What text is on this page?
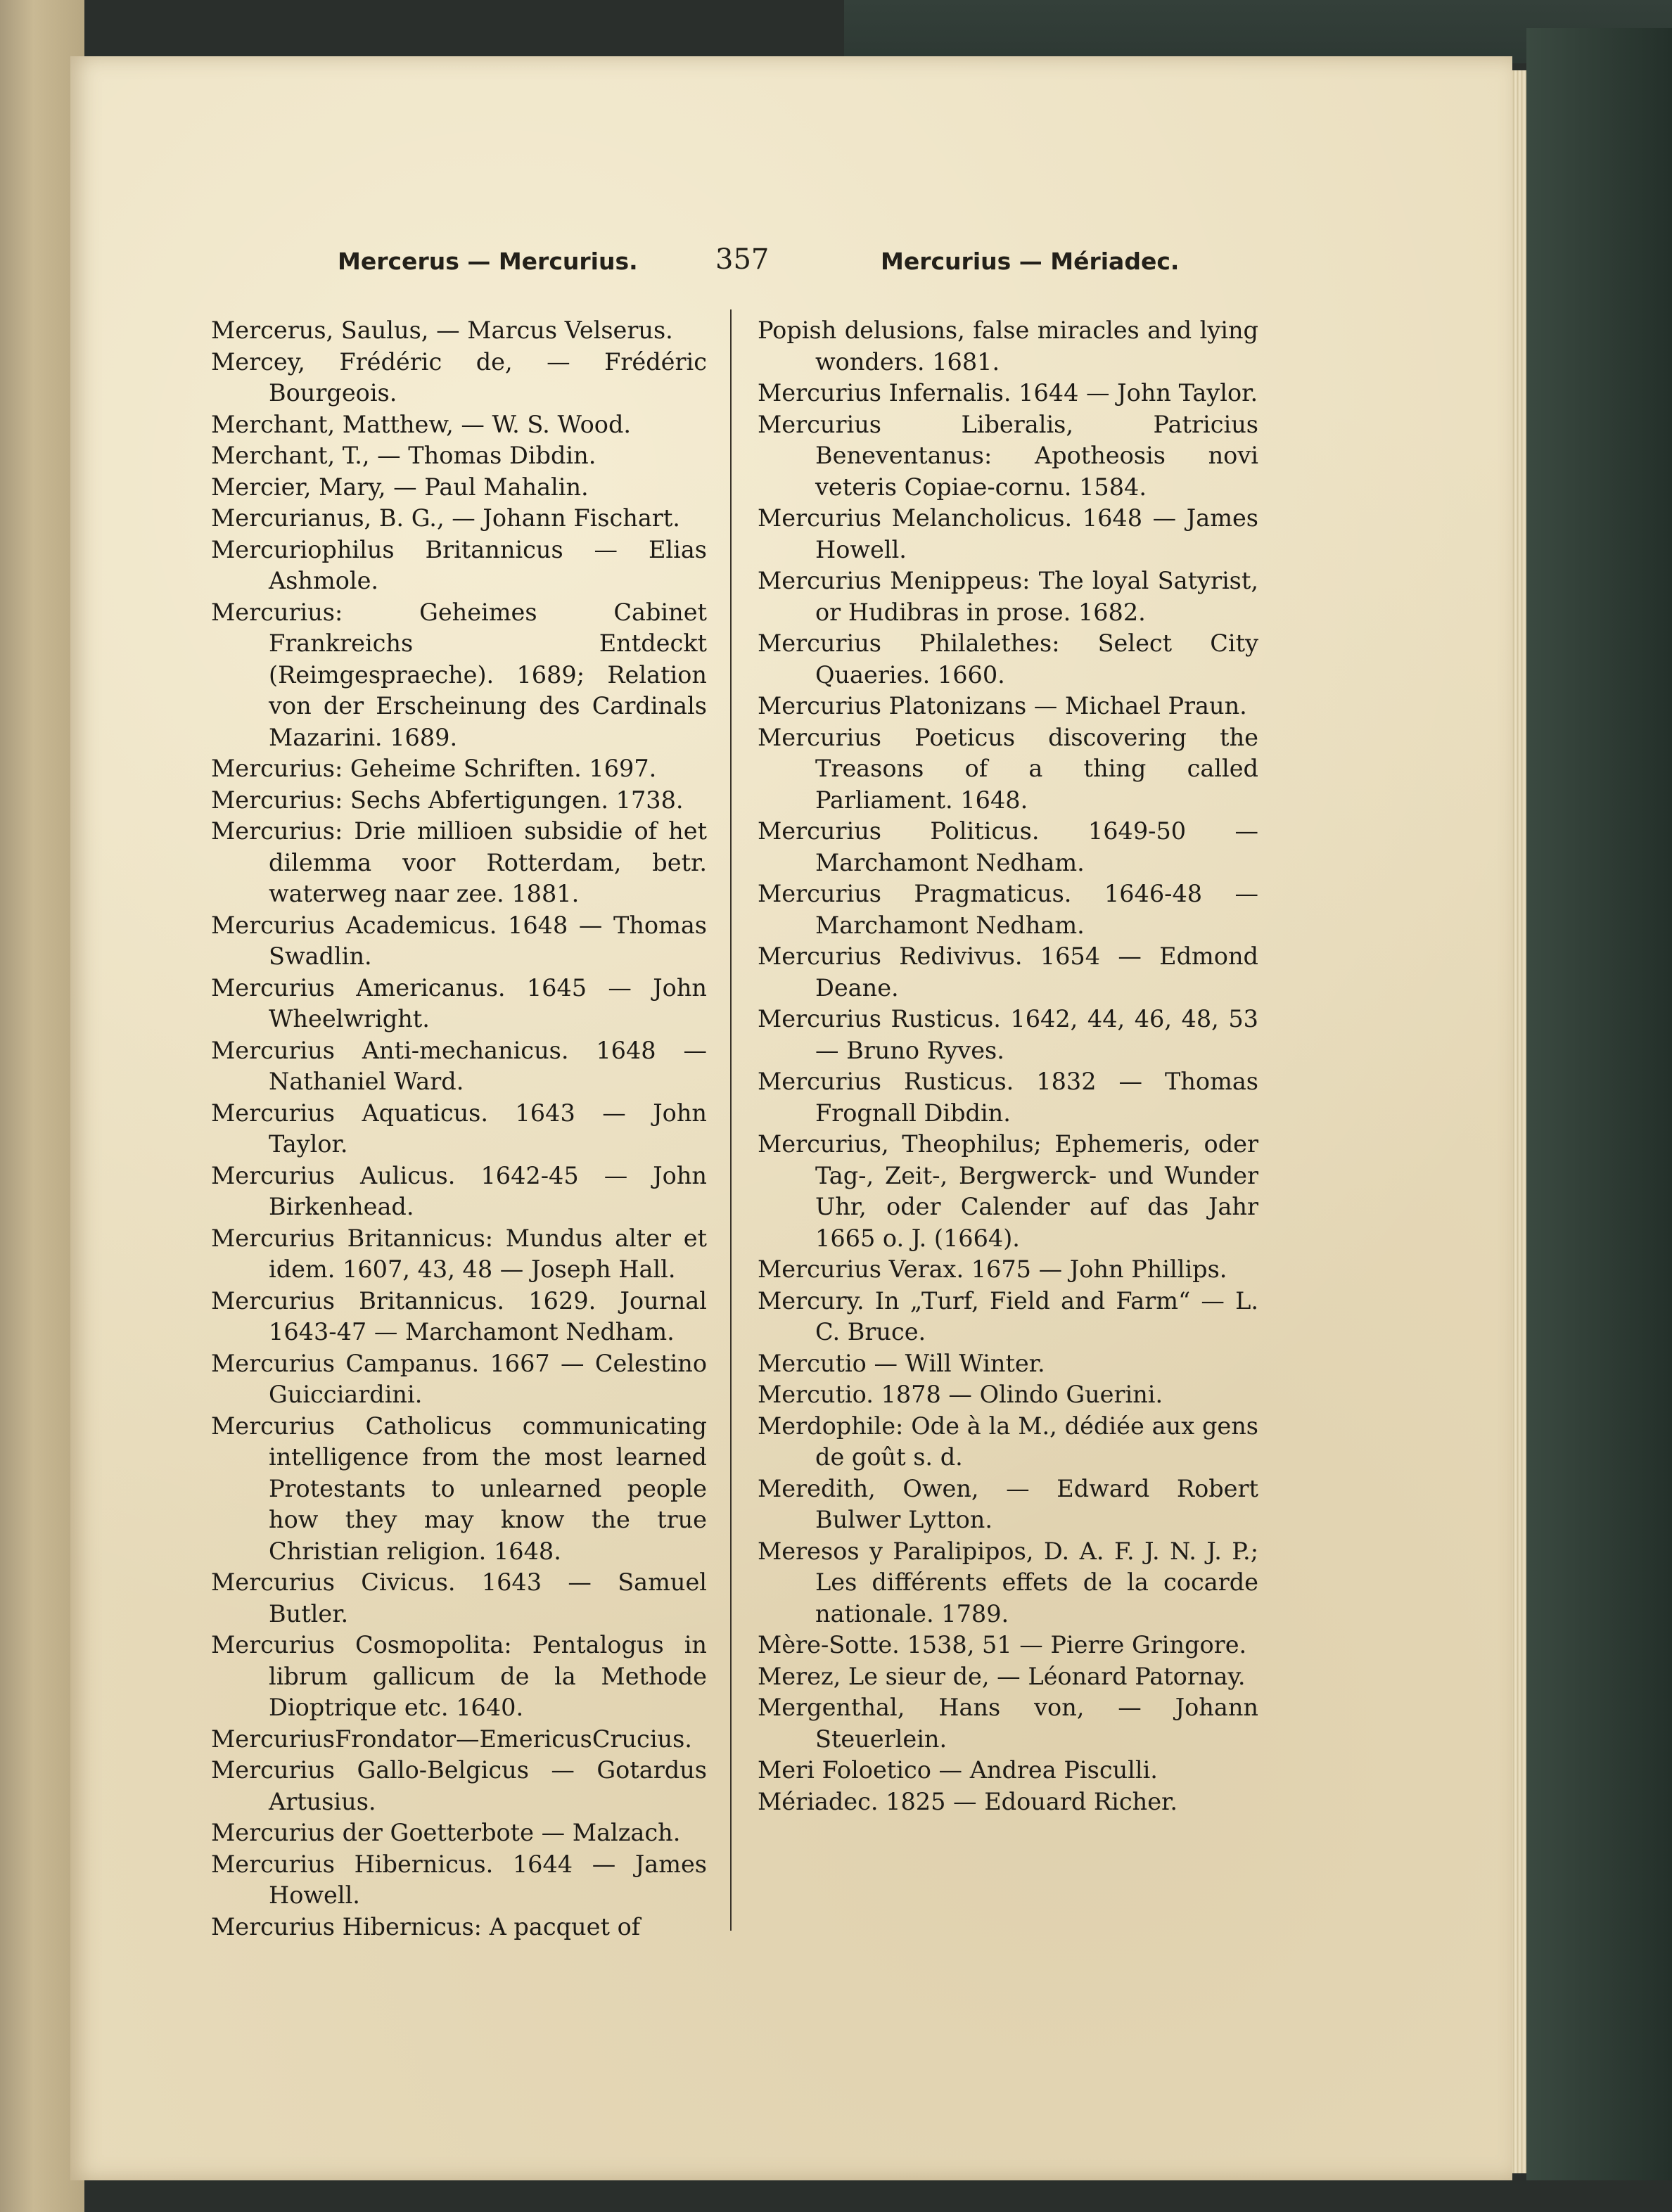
Mercerus — Mercurius.	357	Mercurius — Mériadec.

Mercerus, Saulus, — Marcus Velserus.

Mercey, Frédéric de, — Frédéric Bourgeois.

Merchant, Matthew, — W. S. Wood.

Merchant, T., — Thomas Dibdin.

Mercier, Mary, — Paul Mahalin.

Mercurianus, B. G., — Johann Fischart.

Mercuriophilus Britannicus — Elias Ashmole.

Mercurius: Geheimes Cabinet Frankreichs Entdeckt (Reimgespraeche). 1689; Relation von der Erscheinung des Cardinals Mazarini. 1689.

Mercurius: Geheime Schriften. 1697.

Mercurius: Sechs Abfertigungen. 1738.

Mercurius: Drie millioen subsidie of het dilemma voor Rotterdam, betr. waterweg naar zee. 1881.

Mercurius Academicus. 1648 — Thomas Swadlin.

Mercurius Americanus. 1645 — John Wheelwright.

Mercurius Anti-mechanicus. 1648 — Nathaniel Ward.

Mercurius Aquaticus. 1643 — John Taylor.

Mercurius Aulicus. 1642-45 — John Birkenhead.

Mercurius Britannicus: Mundus alter et idem. 1607, 43, 48 — Joseph Hall.

Mercurius Britannicus. 1629. Journal 1643-47 — Marchamont Nedham.

Mercurius Campanus. 1667 — Celestino Guicciardini.

Mercurius Catholicus communicating intelligence from the most learned Protestants to unlearned people how they may know the true Christian religion. 1648.

Mercurius Civicus. 1643 — Samuel Butler.

Mercurius Cosmopolita: Pentalogus in librum gallicum de la Methode Dioptrique etc. 1640.

MercuriusFrondator—EmericusCrucius.

Mercurius Gallo-Belgicus — Gotardus Artusius.

Mercurius der Goetterbote — Malzach.

Mercurius Hibernicus. 1644 — James Howell.

Mercurius Hibernicus: A pacquet of

Popish delusions, false miracles and lying wonders. 1681.

Mercurius Infernalis. 1644 — John Taylor.

Mercurius Liberalis, Patricius Beneventanus: Apotheosis novi veteris Copiae-cornu. 1584.

Mercurius Melancholicus. 1648 — James Howell.

Mercurius Menippeus: The loyal Satyrist, or Hudibras in prose. 1682.

Mercurius Philalethes: Select City Quaeries. 1660.

Mercurius Platonizans — Michael Praun.

Mercurius Poeticus discovering the Treasons of a thing called Parliament. 1648.

Mercurius Politicus. 1649-50 — Marchamont Nedham.

Mercurius Pragmaticus. 1646-48 — Marchamont Nedham.

Mercurius Redivivus. 1654 — Edmond Deane.

Mercurius Rusticus. 1642, 44, 46, 48, 53 — Bruno Ryves.

Mercurius Rusticus. 1832 — Thomas Frognall Dibdin.

Mercurius, Theophilus; Ephemeris, oder Tag-, Zeit-, Bergwerck- und Wunder Uhr, oder Calender auf das Jahr 1665 o. J. (1664).

Mercurius Verax. 1675 — John Phillips.

Mercury. In „Turf, Field and Farm“ — L. C. Bruce.

Mercutio — Will Winter.

Mercutio. 1878 — Olindo Guerini.

Merdophile: Ode à la M., dédiée aux gens de goût s. d.

Meredith, Owen, — Edward Robert Bulwer Lytton.

Meresos y Paralipipos, D. A. F. J. N. J. P.; Les différents effets de la cocarde nationale. 1789.

Mère-Sotte. 1538, 51 — Pierre Gringore.

Merez, Le sieur de, — Léonard Patornay.

Mergenthal, Hans von, — Johann Steuerlein.

Meri Foloetico — Andrea Pisculli.

Mériadec. 1825 — Edouard Richer.
